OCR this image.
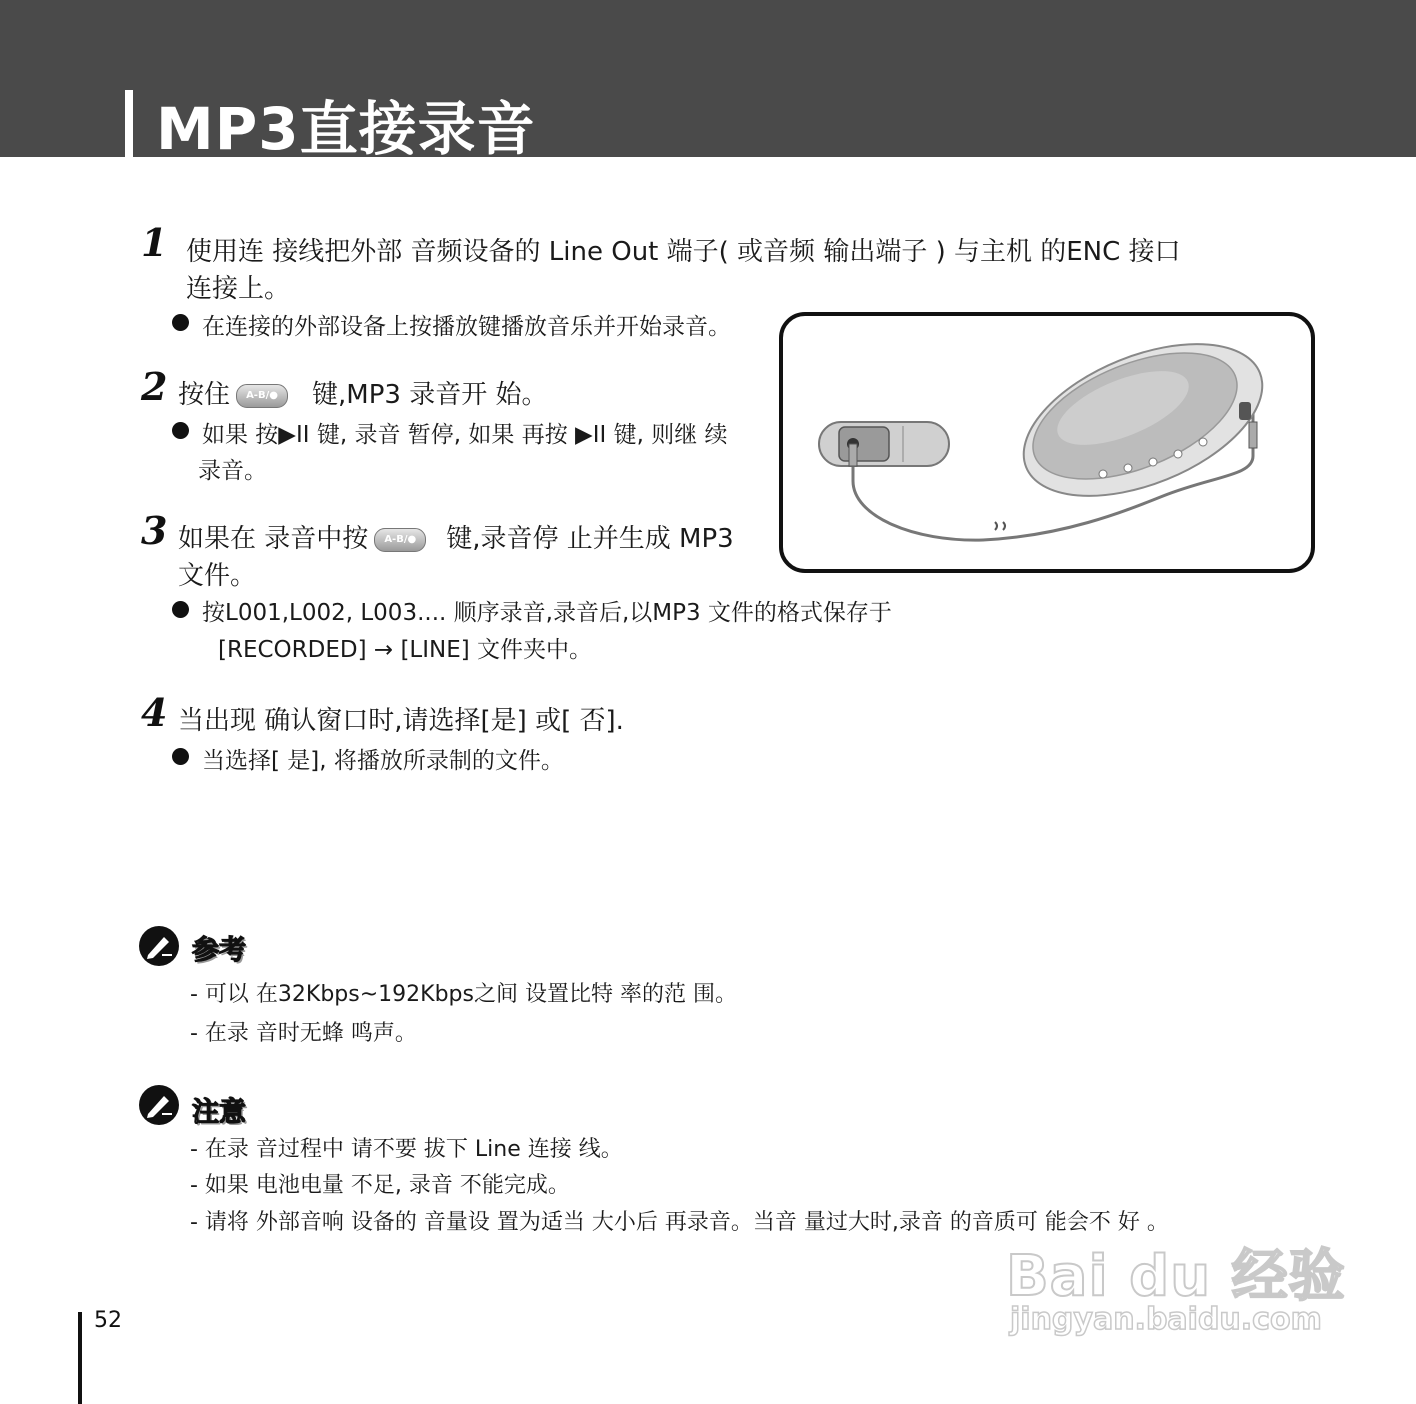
MP3直接录音
1 使用连 接线把外部 音频设备的 Line Out 端子( 或音频 输出端子 ) 与主机 的ENC 接口
连接上。
在连接的外部设备上按播放键播放音乐并开始录音。
2 按住 A-B/● 键,MP3 录音开 始。
如果 按▶II 键, 录音 暂停, 如果 再按 ▶II 键, 则继 续
录音。
3 如果在 录音中按 A-B/● 键,录音停 止并生成 MP3
文件。
按L001,L002, L003.... 顺序录音,录音后,以MP3 文件的格式保存于
[RECORDED] → [LINE] 文件夹中。
4 当出现 确认窗口时,请选择[是] 或[ 否].
当选择[ 是], 将播放所录制的文件。
参考
- 可以 在32Kbps~192Kbps之间 设置比特 率的范 围。
- 在录 音时无蜂 鸣声。
注意
- 在录 音过程中 请不要 拔下 Line 连接 线。
- 如果 电池电量 不足, 录音 不能完成。
- 请将 外部音响 设备的 音量设 置为适当 大小后 再录音。当音 量过大时,录音 的音质可 能会不 好 。
Bai du 经验
jingyan.baidu.com
52
